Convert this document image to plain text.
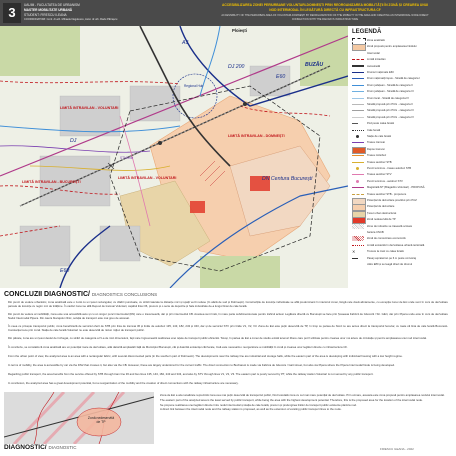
3	UAUIM - FACULTATEA DE URBANISM
MASTER MOBILITATE URBANĂ
STUDENT: FIRESCU ILEANA
COORDONATORI: Conf. dr.arh. Mihaela Negulescu, Asist. dr.urb. Radu Pătrașcu
ACCESIBILIZAREA ZONEI PERIURBANE VOLUNTARI-DOMNEȘTI PRIN REORGANIZAREA MOBILITĂȚII ÎN ZONĂ ȘI CREAREA UNUI
NOD INTERMODAL ÎN LEGĂTURĂ DIRECTĂ CU INFRASTRUCTURA CF
ACCESSIBILITY OF THE PERIURBAN AREA OF VOLUNTARI-DOMNEȘTI BY REORGANIZATION OF THE MOBILITY IN THE AREA AND CREATING AN INTERMODAL NODE DIRECT
CONNECTION WITH THE RAILWAYS INFRASTRUCTURE
Ploiești
A3
BUZĂU
E60
E60
DJ 200
DJ
DN Centura București
LIMITĂ INTRAVILAN - VOLUNTARI
LIMITĂ INTRAVILAN - DOMNEȘTI
LIMITĂ INTRAVILAN - BUCUREȘTI
LIMITĂ INTRAVILAN - VOLUNTARI
Regional Hub
STM/linie
LEGENDĂ
Zona analizată
Zonă propusă pentru amplasarea Nodului
Intermodal
Limită intravilan
Autostradă
Drumuri naționale E60
Drum național/propus - Stradă de categoria I
Drum județean - Stradă de categoria II
Drum județean - Stradă de categoria III
Drum local - Stradă de categoria IV
Stradă propusă prin PUG - categoria II
Stradă propusă prin PUG - categoria III
Stradă propusă prin PUG - categoria IV
Pod peste calea ferată
Cale ferată
Stație de cale ferată
Traseu tramvai
Depou tramvai
Traseu troleibuz
Traseu autobuz STB
Punct terminus - traseu autobuz STB
Trasee autobuz STV
Punct terminus - autobuz STV
Magistrală M* (Bragadiru-Voluntari) - PROPUSĂ
Traseu autobuz STB - propunere
Potențial de dezvoltare prevăzut prin PUZ
Potențial de dezvoltare
Țesut urban destructurat
Zonă nedeservită de TP
Zone de industrie se trasează octoare
bariera CNCB
Zonă de concentrare economică
Limită existentă în dezvoltarea urbană teritorială
✕	Trecere la nivel cu calea ferată
Pasaj supraterran pe 6 m peste convoiraj
către E80 și se leagă direct de drumul
CONCLUZII DIAGNOSTIC/ DIAGNOSTICS CONCLUSIONS
Din punct de vedere urbanistic, zona analizată este o zonă cu un țesut rectangular, cu clădiri punctuale, cu străzi laterale la distanțe mici și spații verzi reduse (în afară de sud și Dobroești). Construcțiile de locuințe individuale se află predominant în interiorul zonei, lângă cele două aliniamente, cu excepția zonei de Est unde sunt în curs de dezvoltare parcele de locuințe cu regim mic de înălțime. În cadrul zonei se află Depoul de tramvai Voluntari, capătul liniei 36, precum și o serie de depozite și hale industriale de-a lungul liniei de cale ferată.
Din punct de vedere al mobilității, zona este una accesibilă auto și cu un singur punct intermodal (DN) care o traversează, dar și prin intermediul CB. Acestea sunt însă, în mare parte subdimensionate pentru traficul actual. Legătura directă cu București se face prin Șoseaua Fabricii de Glucoză / Str. Gării, dar prin Pipera unde este în curs de dezvoltare Nodul Intermodal Pipera. Din cauza blocajului zilnic, soluția de transport este mai greu de accesat.
În ceea ce privește transportul public, zona beneficiază de serviciul oferit de STB prin linia de tramvai 36 și liniile de autobuz 135, 143, 182, 243 și 343, dar și de serviciul STV prin liniile V1, V2, V3. Zona de Est este puțin deservită de TP, în timp ce partea de Nord nu are acces direct la transportul feroviar, cu toate că linia de cale ferată Bucuresti-Constanța trece prin zonă. Stația de cale ferată Voluntari nu este deservită de niciun mijloc de transport public.
Din păcate, zona are un țesut destul de închegat, cu străzi de categoria a IV-a de mici dimensiuni, fapt care îngreunează realizarea unei rețele de transport public eficientă. Totuși, în partea de Est a zonei de studiu există terenuri libere care pot fi utilizate pentru crearea unor noi artere de circulație și pentru amplasarea unui nod intermodal.
În concluzie, se constată că zona analizată are un potențial mare de dezvoltare, atât datorită amplasării față de Municipiul București, cât și datorită existenței căii ferate, însă este necesară o reorganizare a mobilității în zonă și crearea unor legături directe cu infrastructura CF.
From the urban point of view, the analyzed area is an area with a rectangular fabric, with several disconnected parts (in the southern part of Dobroesti). The developments near the railway line are industrial and storage halls, while the eastern part of the area is developing with individual housing with a low height regime.
In terms of mobility, the area is accessible by car via the DN2 that crosses it, but also via the CB. However, these are largely undersized for the current traffic. The direct connection to Bucharest is made via Fabrica de Glucoza / Garii street, but also via Pipera where the Pipera Intermodal Node is being developed.
Regarding public transport, the area benefits from the service offered by STB through tram line 36 and bus lines 135, 143, 182, 243 and 343, and also by STV through lines V1, V2, V3. The eastern part is poorly served by PT, while the railway station Voluntari is not served by any public transport.
In conclusion, the analyzed area has a great development potential, but a reorganization of the mobility and the creation of direct connections with the railway infrastructure are necessary.
Zonă nedeservită de TP
Zona de Est a ariei analizate reprezintă zona cea mai puțin deservită de transportul public, fiind totodată zona cu cel mai mare potențial de dezvoltare. Prin urmare, aceasta este zona propusă pentru amplasarea nodului intermodal.
The eastern part of the analyzed area is the least served by public transport, while being the area with the highest development potential. Therefore, this is the proposed area for the location of the intermodal node.
Se propune realizarea unei legături directe între nodul intermodal și stația de cale ferată, precum și prelungirea liniilor de transport public existente până la nod.
A direct link between the intermodal node and the railway station is proposed, as well as the extension of existing public transport lines to the node.
DIAGNOSTIC/ DIAGNOSTIC	FIRESCU ILEANA - 2022
